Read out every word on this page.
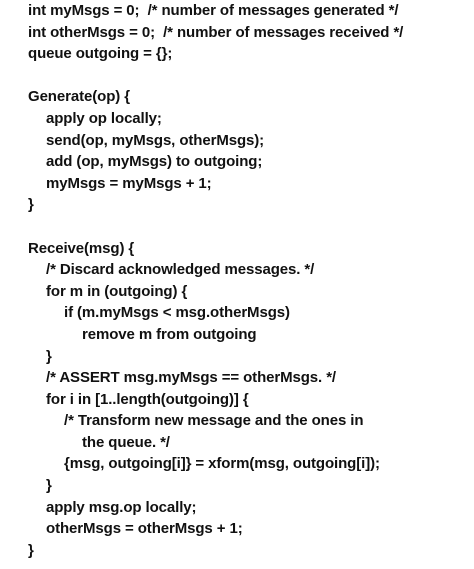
int myMsgs = 0;  /* number of messages generated */
int otherMsgs = 0;  /* number of messages received */
queue outgoing = {};
Generate(op) {
apply op locally;
send(op, myMsgs, otherMsgs);
add (op, myMsgs) to outgoing;
myMsgs = myMsgs + 1;
}
Receive(msg) {
/* Discard acknowledged messages. */
for m in (outgoing) {
if (m.myMsgs < msg.otherMsgs)
remove m from outgoing
}
/* ASSERT msg.myMsgs == otherMsgs. */
for i in [1..length(outgoing)] {
/* Transform new message and the ones in
the queue. */
{msg, outgoing[i]} = xform(msg, outgoing[i]);
}
apply msg.op locally;
otherMsgs = otherMsgs + 1;
}
